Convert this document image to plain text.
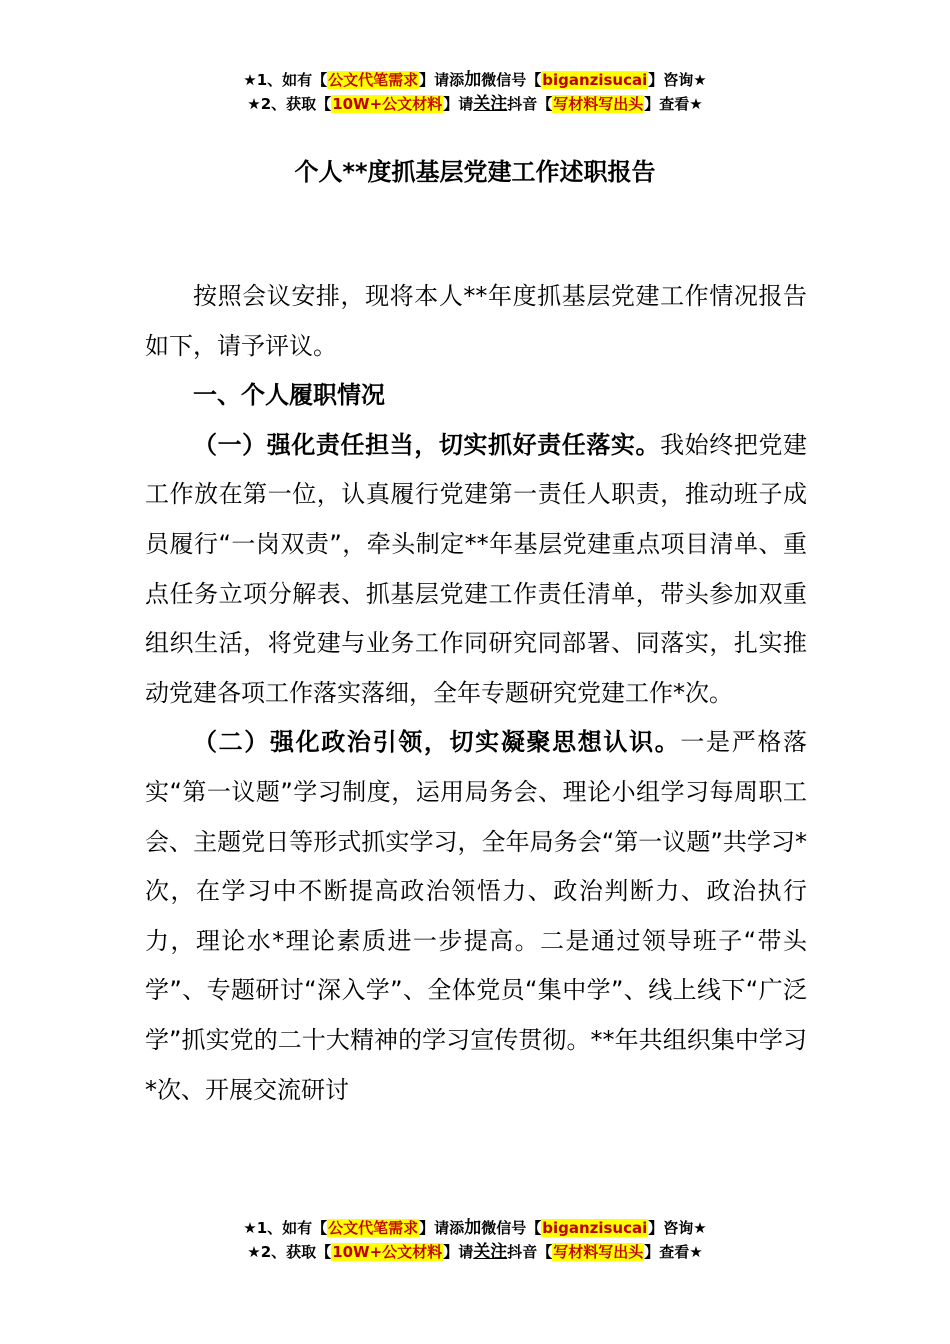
★1、如有【公文代笔需求】请添加微信号【biganzisucai】咨询★
★2、获取【10W+公文材料】请关注抖音【写材料写出头】查看★
个人**度抓基层党建工作述职报告

按照会议安排，现将本人**年度抓基层党建工作情况报告如下，请予评议。

一、个人履职情况

（一）强化责任担当，切实抓好责任落实。我始终把党建工作放在第一位，认真履行党建第一责任人职责，推动班子成员履行“一岗双责”，牵头制定**年基层党建重点项目清单、重点任务立项分解表、抓基层党建工作责任清单，带头参加双重组织生活，将党建与业务工作同研究同部署、同落实，扎实推动党建各项工作落实落细，全年专题研究党建工作*次。

（二）强化政治引领，切实凝聚思想认识。一是严格落实“第一议题”学习制度，运用局务会、理论小组学习每周职工会、主题党日等形式抓实学习，全年局务会“第一议题”共学习*次，在学习中不断提高政治领悟力、政治判断力、政治执行力，理论水*理论素质进一步提高。二是通过领导班子“带头学”、专题研讨“深入学”、全体党员“集中学”、线上线下“广泛学”抓实党的二十大精神的学习宣传贯彻。**年共组织集中学习*次、开展交流研讨

★1、如有【公文代笔需求】请添加微信号【biganzisucai】咨询★
★2、获取【10W+公文材料】请关注抖音【写材料写出头】查看★
